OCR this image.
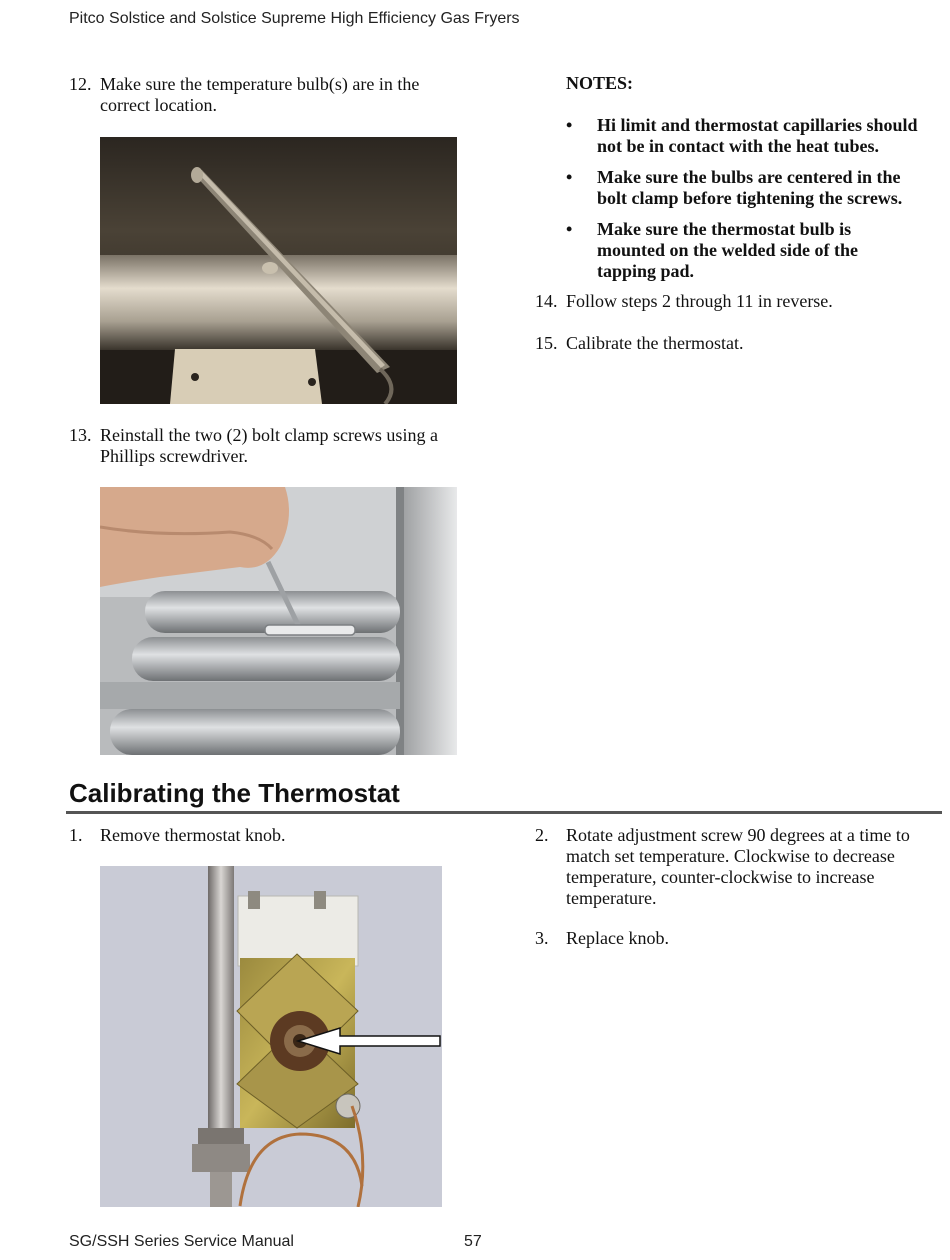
Pitco Solstice and Solstice Supreme High Efficiency Gas Fryers
12. Make sure the temperature bulb(s) are in the
correct location.
13. Reinstall the two (2) bolt clamp screws using a
Phillips screwdriver.
NOTES:
• Hi limit and thermostat capillaries should
not be in contact with the heat tubes.
• Make sure the bulbs are centered in the
bolt clamp before tightening the screws.
• Make sure the thermostat bulb is
mounted on the welded side of the
tapping pad.
14. Follow steps 2 through 11 in reverse.
15. Calibrate the thermostat.
Calibrating the Thermostat
1. Remove thermostat knob.	2. Rotate adjustment screw 90 degrees at a time to
match set temperature. Clockwise to decrease
temperature, counter-clockwise to increase
temperature.
3. Replace knob.
SG/SSH Series Service Manual	57
